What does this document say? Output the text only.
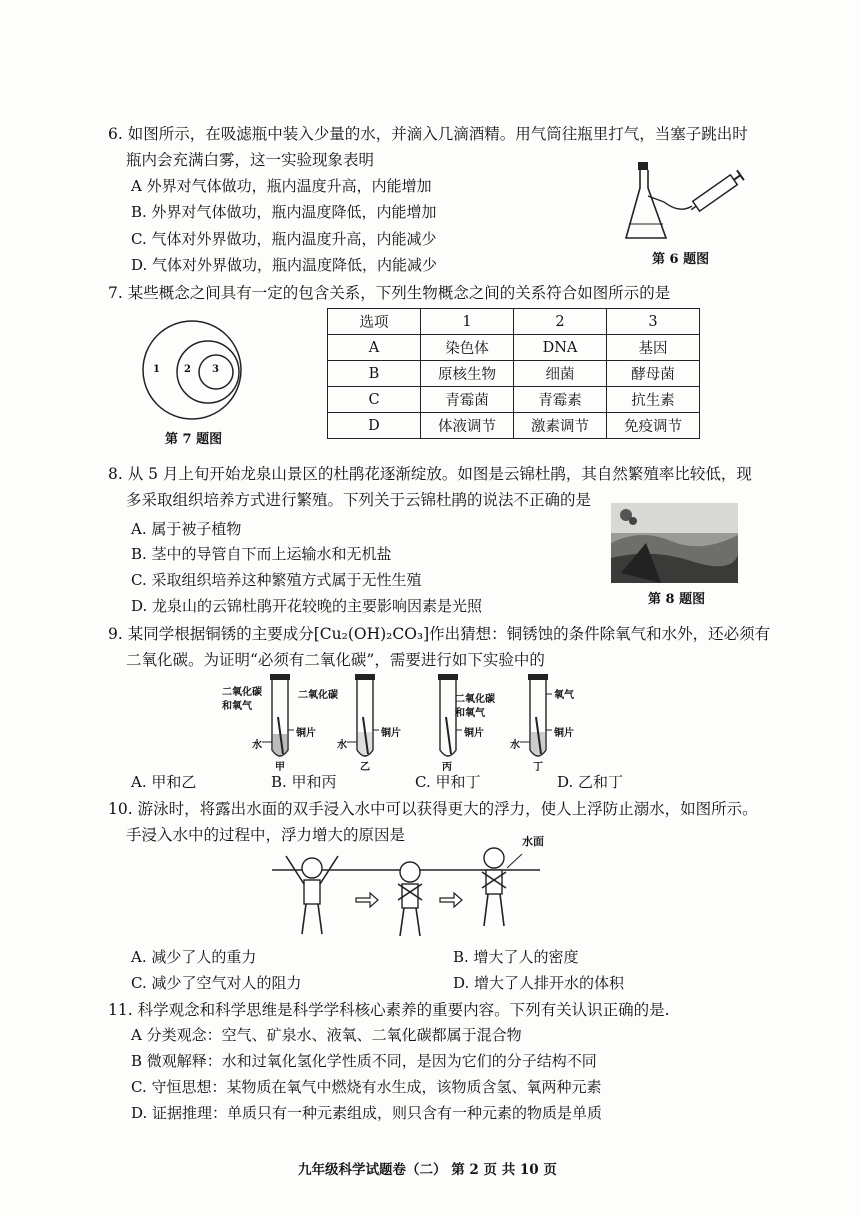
6. 如图所示，在吸滤瓶中装入少量的水，并滴入几滴酒精。用气筒往瓶里打气，当塞子跳出时
瓶内会充满白雾，这一实验现象表明
A 外界对气体做功，瓶内温度升高，内能增加
B. 外界对气体做功，瓶内温度降低，内能增加
C. 气体对外界做功，瓶内温度升高，内能减少
D. 气体对外界做功，瓶内温度降低，内能减少	第 6 题图
7. 某些概念之间具有一定的包含关系，下列生物概念之间的关系符合如图所示的是
1 2 3
第 7 题图
选项	1	2	3
A	染色体	DNA	基因
B	原核生物	细菌	酵母菌
C	青霉菌	青霉素	抗生素
D	体液调节	激素调节	免疫调节
8. 从 5 月上旬开始龙泉山景区的杜鹃花逐渐绽放。如图是云锦杜鹃，其自然繁殖率比较低，现
多采取组织培养方式进行繁殖。下列关于云锦杜鹃的说法不正确的是
A. 属于被子植物
B. 茎中的导管自下而上运输水和无机盐
C. 采取组织培养这种繁殖方式属于无性生殖
D. 龙泉山的云锦杜鹃开花较晚的主要影响因素是光照	第 8 题图
9. 某同学根据铜锈的主要成分[Cu₂(OH)₂CO₃]作出猜想：铜锈蚀的条件除氧气和水外，还必须有
二氧化碳。为证明“必须有二氧化碳”，需要进行如下实验中的
二氧化碳
和氧气
二氧化碳	二氧化碳
和氧气
氧气
铜片	铜片	铜片	铜片
水	水	水
甲	乙	丙	丁
A. 甲和乙	B. 甲和丙	C. 甲和丁	D. 乙和丁
10. 游泳时，将露出水面的双手浸入水中可以获得更大的浮力，使人上浮防止溺水，如图所示。
手浸入水中的过程中，浮力增大的原因是	水面
A. 减少了人的重力	B. 增大了人的密度
C. 减少了空气对人的阻力	D. 增大了人排开水的体积
11. 科学观念和科学思维是科学学科核心素养的重要内容。下列有关认识正确的是.
A 分类观念：空气、矿泉水、液氧、二氧化碳都属于混合物
B 微观解释：水和过氧化氢化学性质不同，是因为它们的分子结构不同
C. 守恒思想：某物质在氧气中燃烧有水生成，该物质含氢、氧两种元素
D. 证据推理：单质只有一种元素组成，则只含有一种元素的物质是单质
九年级科学试题卷（二） 第 2 页 共 10 页
